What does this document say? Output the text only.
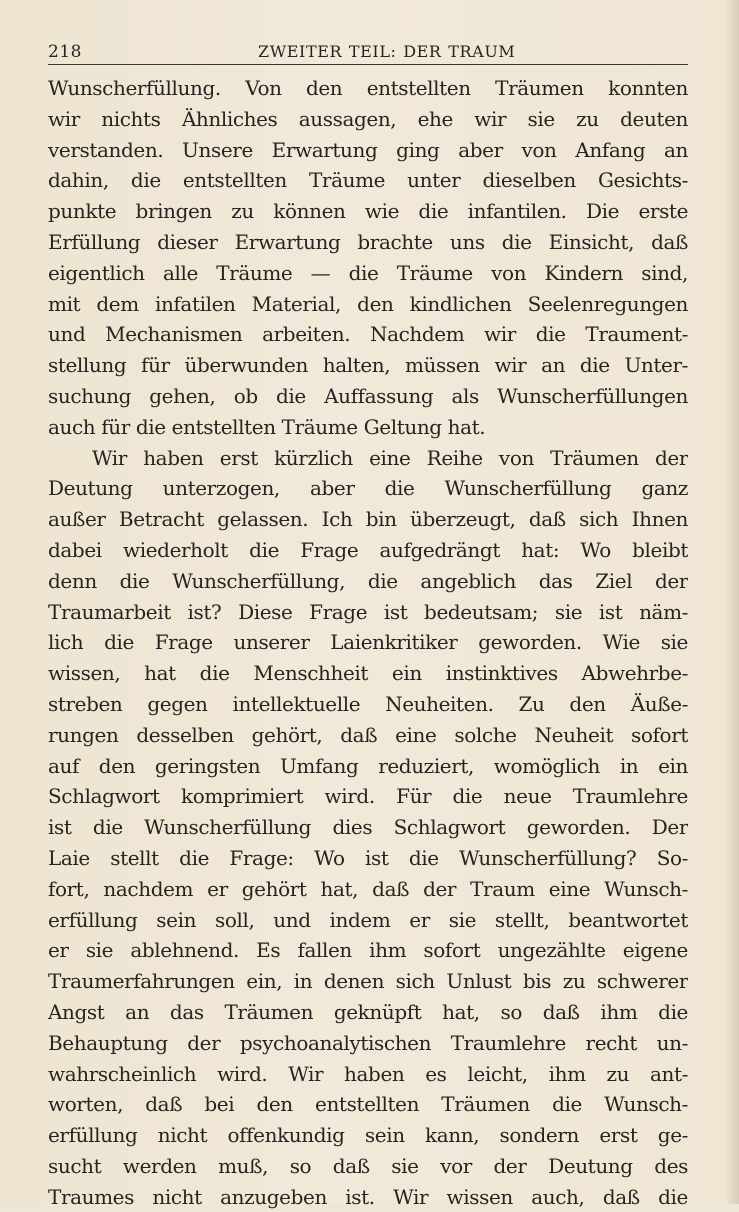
218	ZWEITER TEIL: DER TRAUM
Wunscherfüllung. Von den entstellten Träumen konnten
wir nichts Ähnliches aussagen, ehe wir sie zu deuten
verstanden. Unsere Erwartung ging aber von Anfang an
dahin, die entstellten Träume unter dieselben Gesichts-
punkte bringen zu können wie die infantilen. Die erste
Erfüllung dieser Erwartung brachte uns die Einsicht, daß
eigentlich alle Träume — die Träume von Kindern sind,
mit dem infatilen Material, den kindlichen Seelenregungen
und Mechanismen arbeiten. Nachdem wir die Traument-
stellung für überwunden halten, müssen wir an die Unter-
suchung gehen, ob die Auffassung als Wunscherfüllungen
auch für die entstellten Träume Geltung hat.
Wir haben erst kürzlich eine Reihe von Träumen der
Deutung unterzogen, aber die Wunscherfüllung ganz
außer Betracht gelassen. Ich bin überzeugt, daß sich Ihnen
dabei wiederholt die Frage aufgedrängt hat: Wo bleibt
denn die Wunscherfüllung, die angeblich das Ziel der
Traumarbeit ist? Diese Frage ist bedeutsam; sie ist näm-
lich die Frage unserer Laienkritiker geworden. Wie sie
wissen, hat die Menschheit ein instinktives Abwehrbe-
streben gegen intellektuelle Neuheiten. Zu den Äuße-
rungen desselben gehört, daß eine solche Neuheit sofort
auf den geringsten Umfang reduziert, womöglich in ein
Schlagwort komprimiert wird. Für die neue Traumlehre
ist die Wunscherfüllung dies Schlagwort geworden. Der
Laie stellt die Frage: Wo ist die Wunscherfüllung? So-
fort, nachdem er gehört hat, daß der Traum eine Wunsch-
erfüllung sein soll, und indem er sie stellt, beantwortet
er sie ablehnend. Es fallen ihm sofort ungezählte eigene
Traumerfahrungen ein, in denen sich Unlust bis zu schwerer
Angst an das Träumen geknüpft hat, so daß ihm die
Behauptung der psychoanalytischen Traumlehre recht un-
wahrscheinlich wird. Wir haben es leicht, ihm zu ant-
worten, daß bei den entstellten Träumen die Wunsch-
erfüllung nicht offenkundig sein kann, sondern erst ge-
sucht werden muß, so daß sie vor der Deutung des
Traumes nicht anzugeben ist. Wir wissen auch, daß die
